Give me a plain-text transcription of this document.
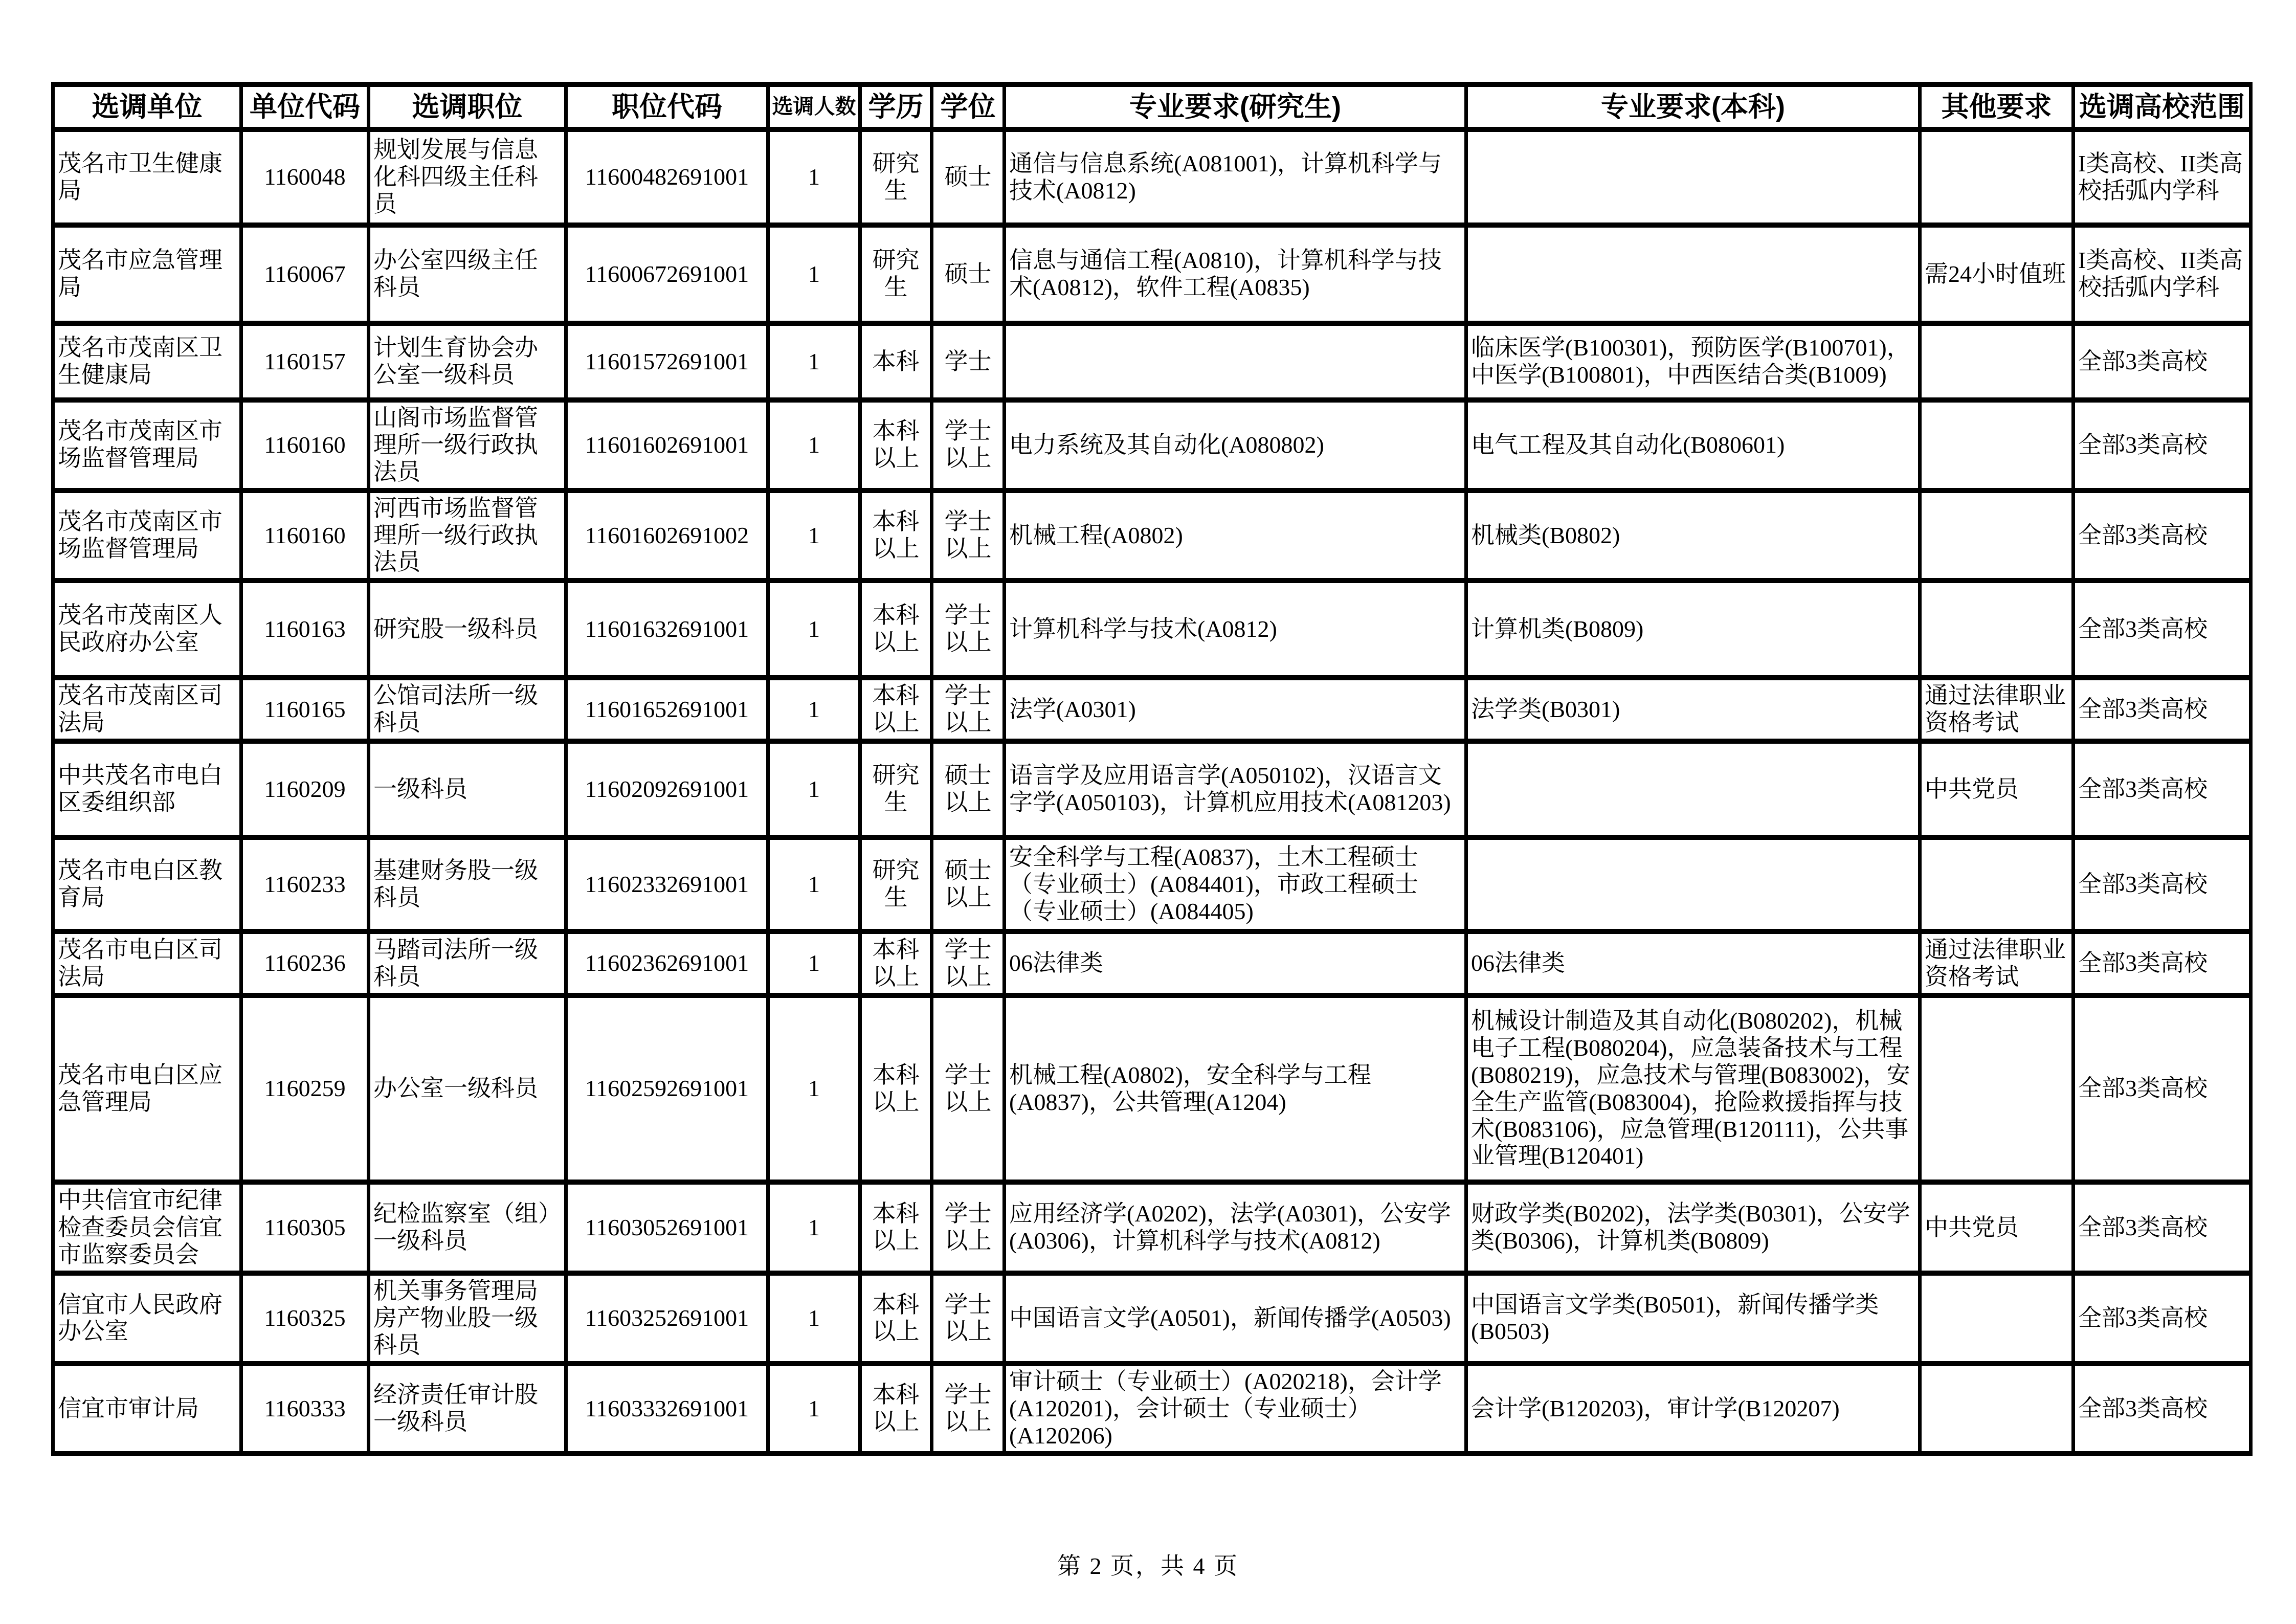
选调单位	单位代码	选调职位	职位代码	选调人数	学历	学位	专业要求(研究生)	专业要求(本科)	其他要求	选调高校范围
茂名市卫生健康局	1160048	规划发展与信息化科四级主任科员	11600482691001	1	研究生	硕士	通信与信息系统(A081001)，计算机科学与技术(A0812)			I类高校、II类高校括弧内学科
茂名市应急管理局	1160067	办公室四级主任科员	11600672691001	1	研究生	硕士	信息与通信工程(A0810)，计算机科学与技术(A0812)，软件工程(A0835)		需24小时值班	I类高校、II类高校括弧内学科
茂名市茂南区卫生健康局	1160157	计划生育协会办公室一级科员	11601572691001	1	本科	学士		临床医学(B100301)，预防医学(B100701)，中医学(B100801)，中西医结合类(B1009)		全部3类高校
茂名市茂南区市场监督管理局	1160160	山阁市场监督管理所一级行政执法员	11601602691001	1	本科以上	学士以上	电力系统及其自动化(A080802)	电气工程及其自动化(B080601)		全部3类高校
茂名市茂南区市场监督管理局	1160160	河西市场监督管理所一级行政执法员	11601602691002	1	本科以上	学士以上	机械工程(A0802)	机械类(B0802)		全部3类高校
茂名市茂南区人民政府办公室	1160163	研究股一级科员	11601632691001	1	本科以上	学士以上	计算机科学与技术(A0812)	计算机类(B0809)		全部3类高校
茂名市茂南区司法局	1160165	公馆司法所一级科员	11601652691001	1	本科以上	学士以上	法学(A0301)	法学类(B0301)	通过法律职业资格考试	全部3类高校
中共茂名市电白区委组织部	1160209	一级科员	11602092691001	1	研究生	硕士以上	语言学及应用语言学(A050102)，汉语言文字学(A050103)，计算机应用技术(A081203)		中共党员	全部3类高校
茂名市电白区教育局	1160233	基建财务股一级科员	11602332691001	1	研究生	硕士以上	安全科学与工程(A0837)，土木工程硕士（专业硕士）(A084401)，市政工程硕士（专业硕士）(A084405)			全部3类高校
茂名市电白区司法局	1160236	马踏司法所一级科员	11602362691001	1	本科以上	学士以上	06法律类	06法律类	通过法律职业资格考试	全部3类高校
茂名市电白区应急管理局	1160259	办公室一级科员	11602592691001	1	本科以上	学士以上	机械工程(A0802)，安全科学与工程(A0837)，公共管理(A1204)	机械设计制造及其自动化(B080202)，机械电子工程(B080204)，应急装备技术与工程(B080219)，应急技术与管理(B083002)，安全生产监管(B083004)，抢险救援指挥与技术(B083106)，应急管理(B120111)，公共事业管理(B120401)		全部3类高校
中共信宜市纪律检查委员会信宜市监察委员会	1160305	纪检监察室（组）一级科员	11603052691001	1	本科以上	学士以上	应用经济学(A0202)，法学(A0301)，公安学(A0306)，计算机科学与技术(A0812)	财政学类(B0202)，法学类(B0301)，公安学类(B0306)，计算机类(B0809)	中共党员	全部3类高校
信宜市人民政府办公室	1160325	机关事务管理局房产物业股一级科员	11603252691001	1	本科以上	学士以上	中国语言文学(A0501)，新闻传播学(A0503)	中国语言文学类(B0501)，新闻传播学类(B0503)		全部3类高校
信宜市审计局	1160333	经济责任审计股一级科员	11603332691001	1	本科以上	学士以上	审计硕士（专业硕士）(A020218)，会计学(A120201)，会计硕士（专业硕士）(A120206)	会计学(B120203)，审计学(B120207)		全部3类高校
第 2 页，共 4 页
